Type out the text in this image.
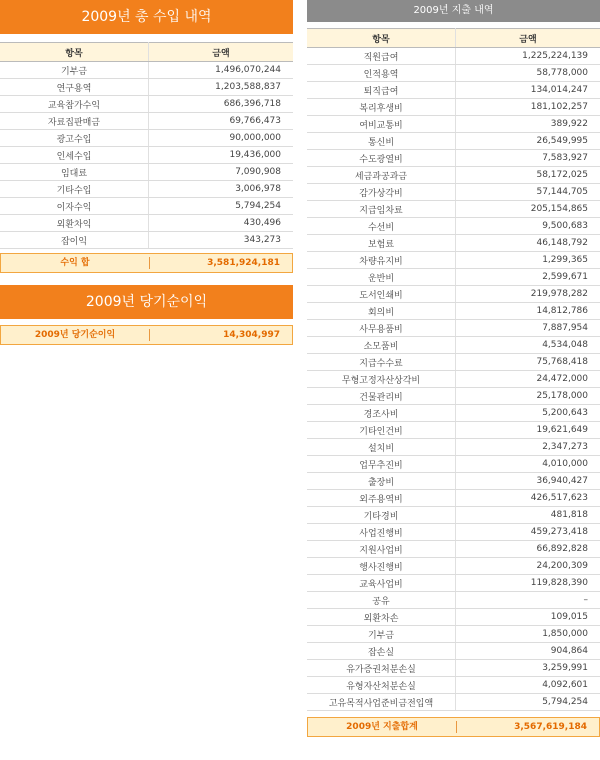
2009년 총 수입 내역
항목	금액
기부금	1,496,070,244
연구용역	1,203,588,837
교육참가수익	686,396,718
자료집판매금	69,766,473
광고수입	90,000,000
인세수입	19,436,000
임대료	7,090,908
기타수입	3,006,978
이자수익	5,794,254
외환차익	430,496
잡이익	343,273
수익 합	3,581,924,181
2009년 당기순이익
2009년 당기순이익	14,304,997
2009년 지출 내역
항목	금액
직원급여	1,225,224,139
인적용역	58,778,000
퇴직급여	134,014,247
복리후생비	181,102,257
여비교통비	389,922
통신비	26,549,995
수도광열비	7,583,927
세금과공과금	58,172,025
감가상각비	57,144,705
지급임차료	205,154,865
수선비	9,500,683
보험료	46,148,792
차량유지비	1,299,365
운반비	2,599,671
도서인쇄비	219,978,282
회의비	14,812,786
사무용품비	7,887,954
소모품비	4,534,048
지급수수료	75,768,418
무형고정자산상각비	24,472,000
건물관리비	25,178,000
경조사비	5,200,643
기타인건비	19,621,649
설치비	2,347,273
업무추진비	4,010,000
출장비	36,940,427
외주용역비	426,517,623
기타경비	481,818
사업진행비	459,273,418
지원사업비	66,892,828
행사진행비	24,200,309
교육사업비	119,828,390
공유	–
외환차손	109,015
기부금	1,850,000
잡손실	904,864
유가증권처분손실	3,259,991
유형자산처분손실	4,092,601
고유목적사업준비금전입액	5,794,254
2009년 지출합계	3,567,619,184
